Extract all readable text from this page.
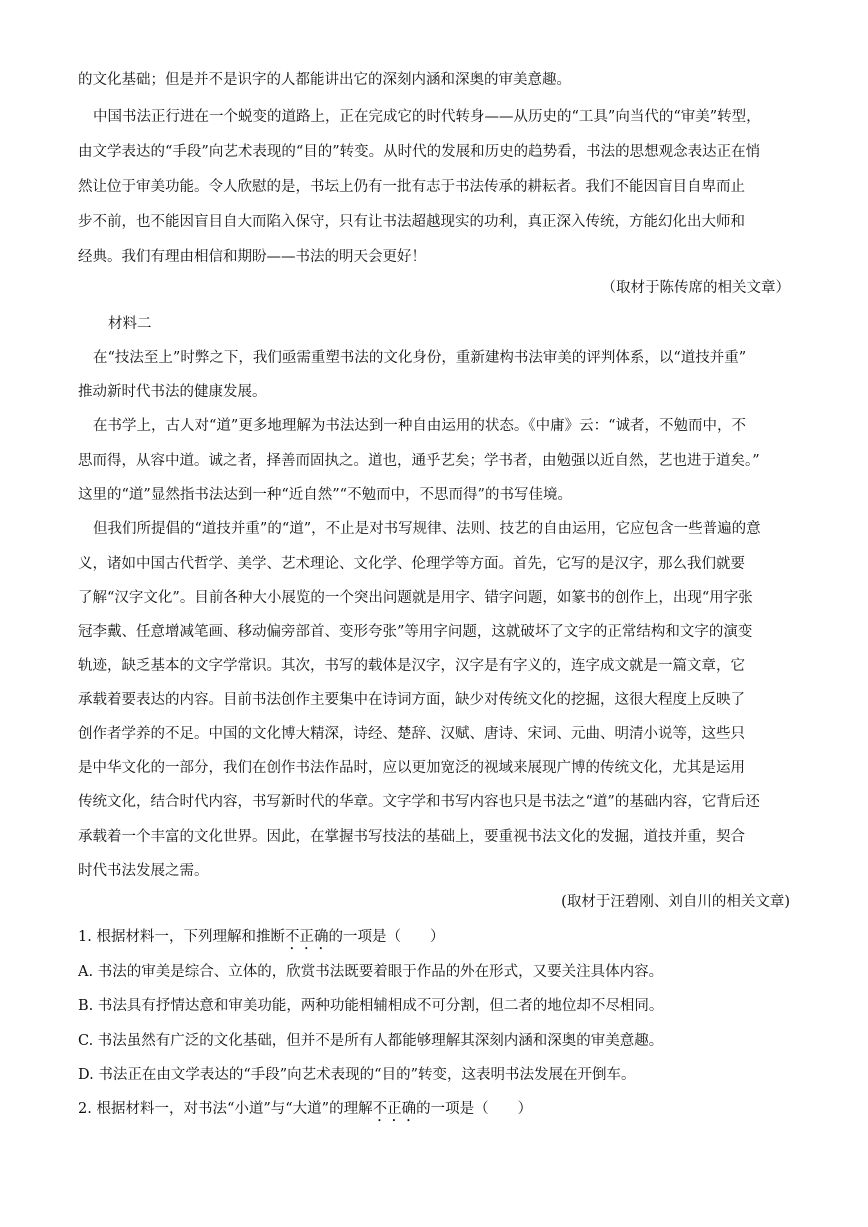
的文化基础；但是并不是识字的人都能讲出它的深刻内涵和深奥的审美意趣。
中国书法正行进在一个蜕变的道路上，正在完成它的时代转身——从历史的“工具”向当代的“审美”转型，
由文学表达的“手段”向艺术表现的“目的”转变。从时代的发展和历史的趋势看，书法的思想观念表达正在悄
然让位于审美功能。令人欣慰的是，书坛上仍有一批有志于书法传承的耕耘者。我们不能因盲目自卑而止
步不前，也不能因盲目自大而陷入保守，只有让书法超越现实的功利，真正深入传统，方能幻化出大师和
经典。我们有理由相信和期盼——书法的明天会更好！
（取材于陈传席的相关文章）
材料二
在“技法至上”时弊之下，我们亟需重塑书法的文化身份，重新建构书法审美的评判体系，以“道技并重”
推动新时代书法的健康发展。
在书学上，古人对“道”更多地理解为书法达到一种自由运用的状态。《中庸》云：“诚者，不勉而中，不
思而得，从容中道。诚之者，择善而固执之。道也，通乎艺矣；学书者，由勉强以近自然，艺也进于道矣。”
这里的“道”显然指书法达到一种“近自然”“不勉而中，不思而得”的书写佳境。
但我们所提倡的“道技并重”的“道”，不止是对书写规律、法则、技艺的自由运用，它应包含一些普遍的意
义，诸如中国古代哲学、美学、艺术理论、文化学、伦理学等方面。首先，它写的是汉字，那么我们就要
了解“汉字文化”。目前各种大小展览的一个突出问题就是用字、错字问题，如篆书的创作上，出现“用字张
冠李戴、任意增减笔画、移动偏旁部首、变形夸张”等用字问题，这就破坏了文字的正常结构和文字的演变
轨迹，缺乏基本的文字学常识。其次，书写的载体是汉字，汉字是有字义的，连字成文就是一篇文章，它
承载着要表达的内容。目前书法创作主要集中在诗词方面，缺少对传统文化的挖掘，这很大程度上反映了
创作者学养的不足。中国的文化博大精深，诗经、楚辞、汉赋、唐诗、宋词、元曲、明清小说等，这些只
是中华文化的一部分，我们在创作书法作品时，应以更加宽泛的视域来展现广博的传统文化，尤其是运用
传统文化，结合时代内容，书写新时代的华章。文字学和书写内容也只是书法之“道”的基础内容，它背后还
承载着一个丰富的文化世界。因此，在掌握书写技法的基础上，要重视书法文化的发掘，道技并重，契合
时代书法发展之需。
(取材于汪碧刚、刘自川的相关文章)
1. 根据材料一，下列理解和推断不正确的一项是（　　）
A. 书法的审美是综合、立体的，欣赏书法既要着眼于作品的外在形式，又要关注具体内容。
B. 书法具有抒情达意和审美功能，两种功能相辅相成不可分割，但二者的地位却不尽相同。
C. 书法虽然有广泛的文化基础，但并不是所有人都能够理解其深刻内涵和深奥的审美意趣。
D. 书法正在由文学表达的“手段”向艺术表现的“目的”转变，这表明书法发展在开倒车。
2. 根据材料一，对书法“小道”与“大道”的理解不正确的一项是（　　）
